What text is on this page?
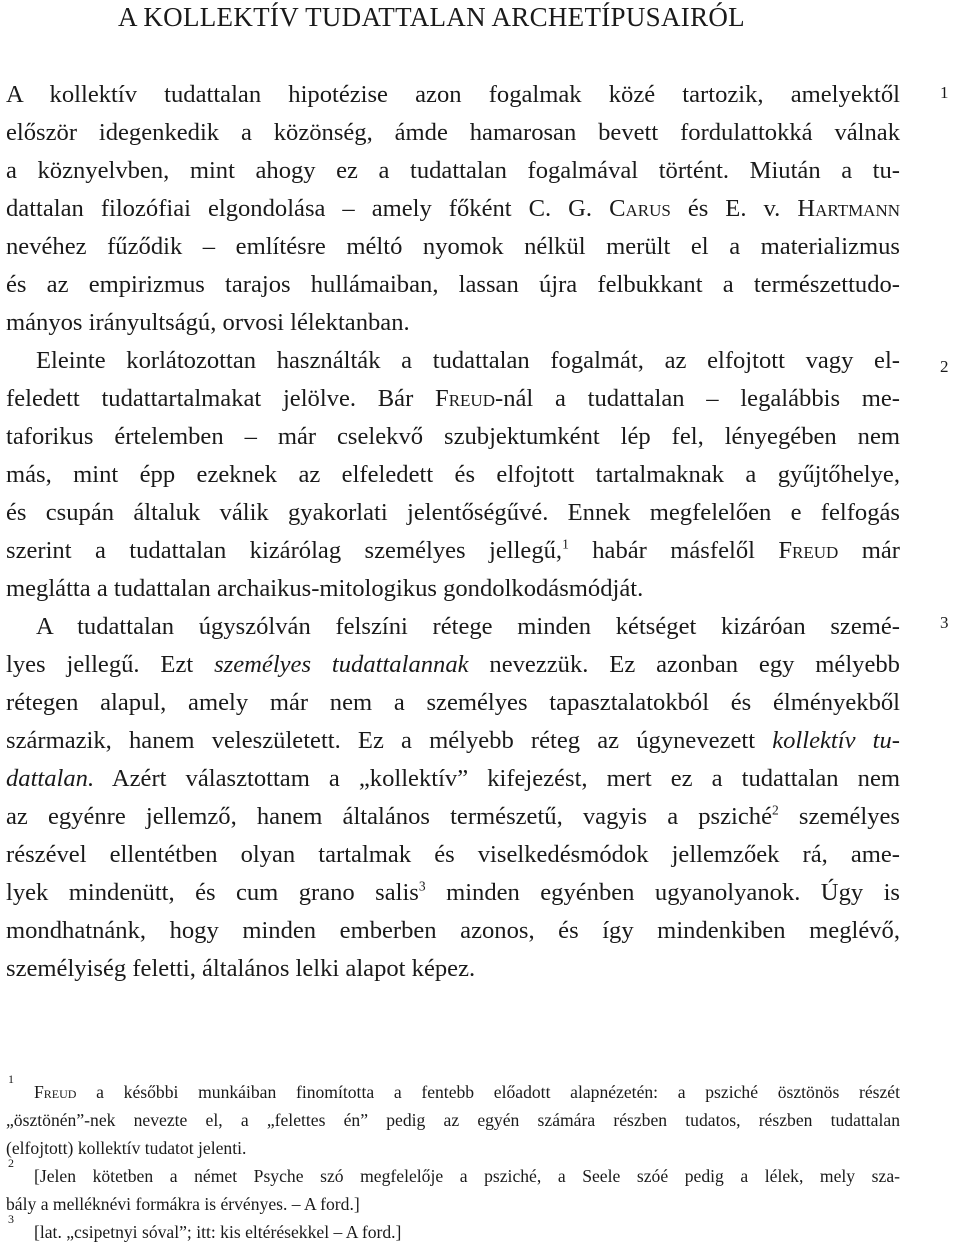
A KOLLEKTÍV TUDATTALAN ARCHETÍPUSAIRÓL
1
2
3
A kollektív tudattalan hipotézise azon fogalmak közé tartozik, amelyektől
először idegenkedik a közönség, ámde hamarosan bevett fordulattokká válnak
a köznyelvben, mint ahogy ez a tudattalan fogalmával történt. Miután a tu-
dattalan filozófiai elgondolása – amely főként C. G. Carus és E. v. Hartmann
nevéhez fűződik – említésre méltó nyomok nélkül merült el a materializmus
és az empirizmus tarajos hullámaiban, lassan újra felbukkant a természettudo-
mányos irányultságú, orvosi lélektanban.
Eleinte korlátozottan használták a tudattalan fogalmát, az elfojtott vagy el-
feledett tudattartalmakat jelölve. Bár Freud-nál a tudattalan – legalábbis me-
taforikus értelemben – már cselekvő szubjektumként lép fel, lényegében nem
más, mint épp ezeknek az elfeledett és elfojtott tartalmaknak a gyűjtőhelye,
és csupán általuk válik gyakorlati jelentőségűvé. Ennek megfelelően e felfogás
szerint a tudattalan kizárólag személyes jellegű,$^1$ habár másfelől Freud már
meglátta a tudattalan archaikus-mitologikus gondolkodásmódját.
A tudattalan úgyszólván felszíni rétege minden kétséget kizáróan szemé-
lyes jellegű. Ezt személyes tudattalannak nevezzük. Ez azonban egy mélyebb
rétegen alapul, amely már nem a személyes tapasztalatokból és élményekből
származik, hanem veleszületett. Ez a mélyebb réteg az úgynevezett kollektív tu-
dattalan. Azért választottam a „kollektív” kifejezést, mert ez a tudattalan nem
az egyénre jellemző, hanem általános természetű, vagyis a psziché$^2$ személyes
részével ellentétben olyan tartalmak és viselkedésmódok jellemzőek rá, ame-
lyek mindenütt, és cum grano salis$^3$ minden egyénben ugyanolyanok. Úgy is
mondhatnánk, hogy minden emberben azonos, és így mindenkiben meglévő,
személyiség feletti, általános lelki alapot képez.
1
Freud a későbbi munkáiban finomította a fentebb előadott alapnézetén: a psziché ösztönös részét
„ösztönén”-nek nevezte el, a „felettes én” pedig az egyén számára részben tudatos, részben tudattalan
(elfojtott) kollektív tudatot jelenti.
2
[Jelen kötetben a német Psyche szó megfelelője a psziché, a Seele szóé pedig a lélek, mely sza-
bály a melléknévi formákra is érvényes. – A ford.]
3
[lat. „csipetnyi sóval”; itt: kis eltérésekkel – A ford.]
